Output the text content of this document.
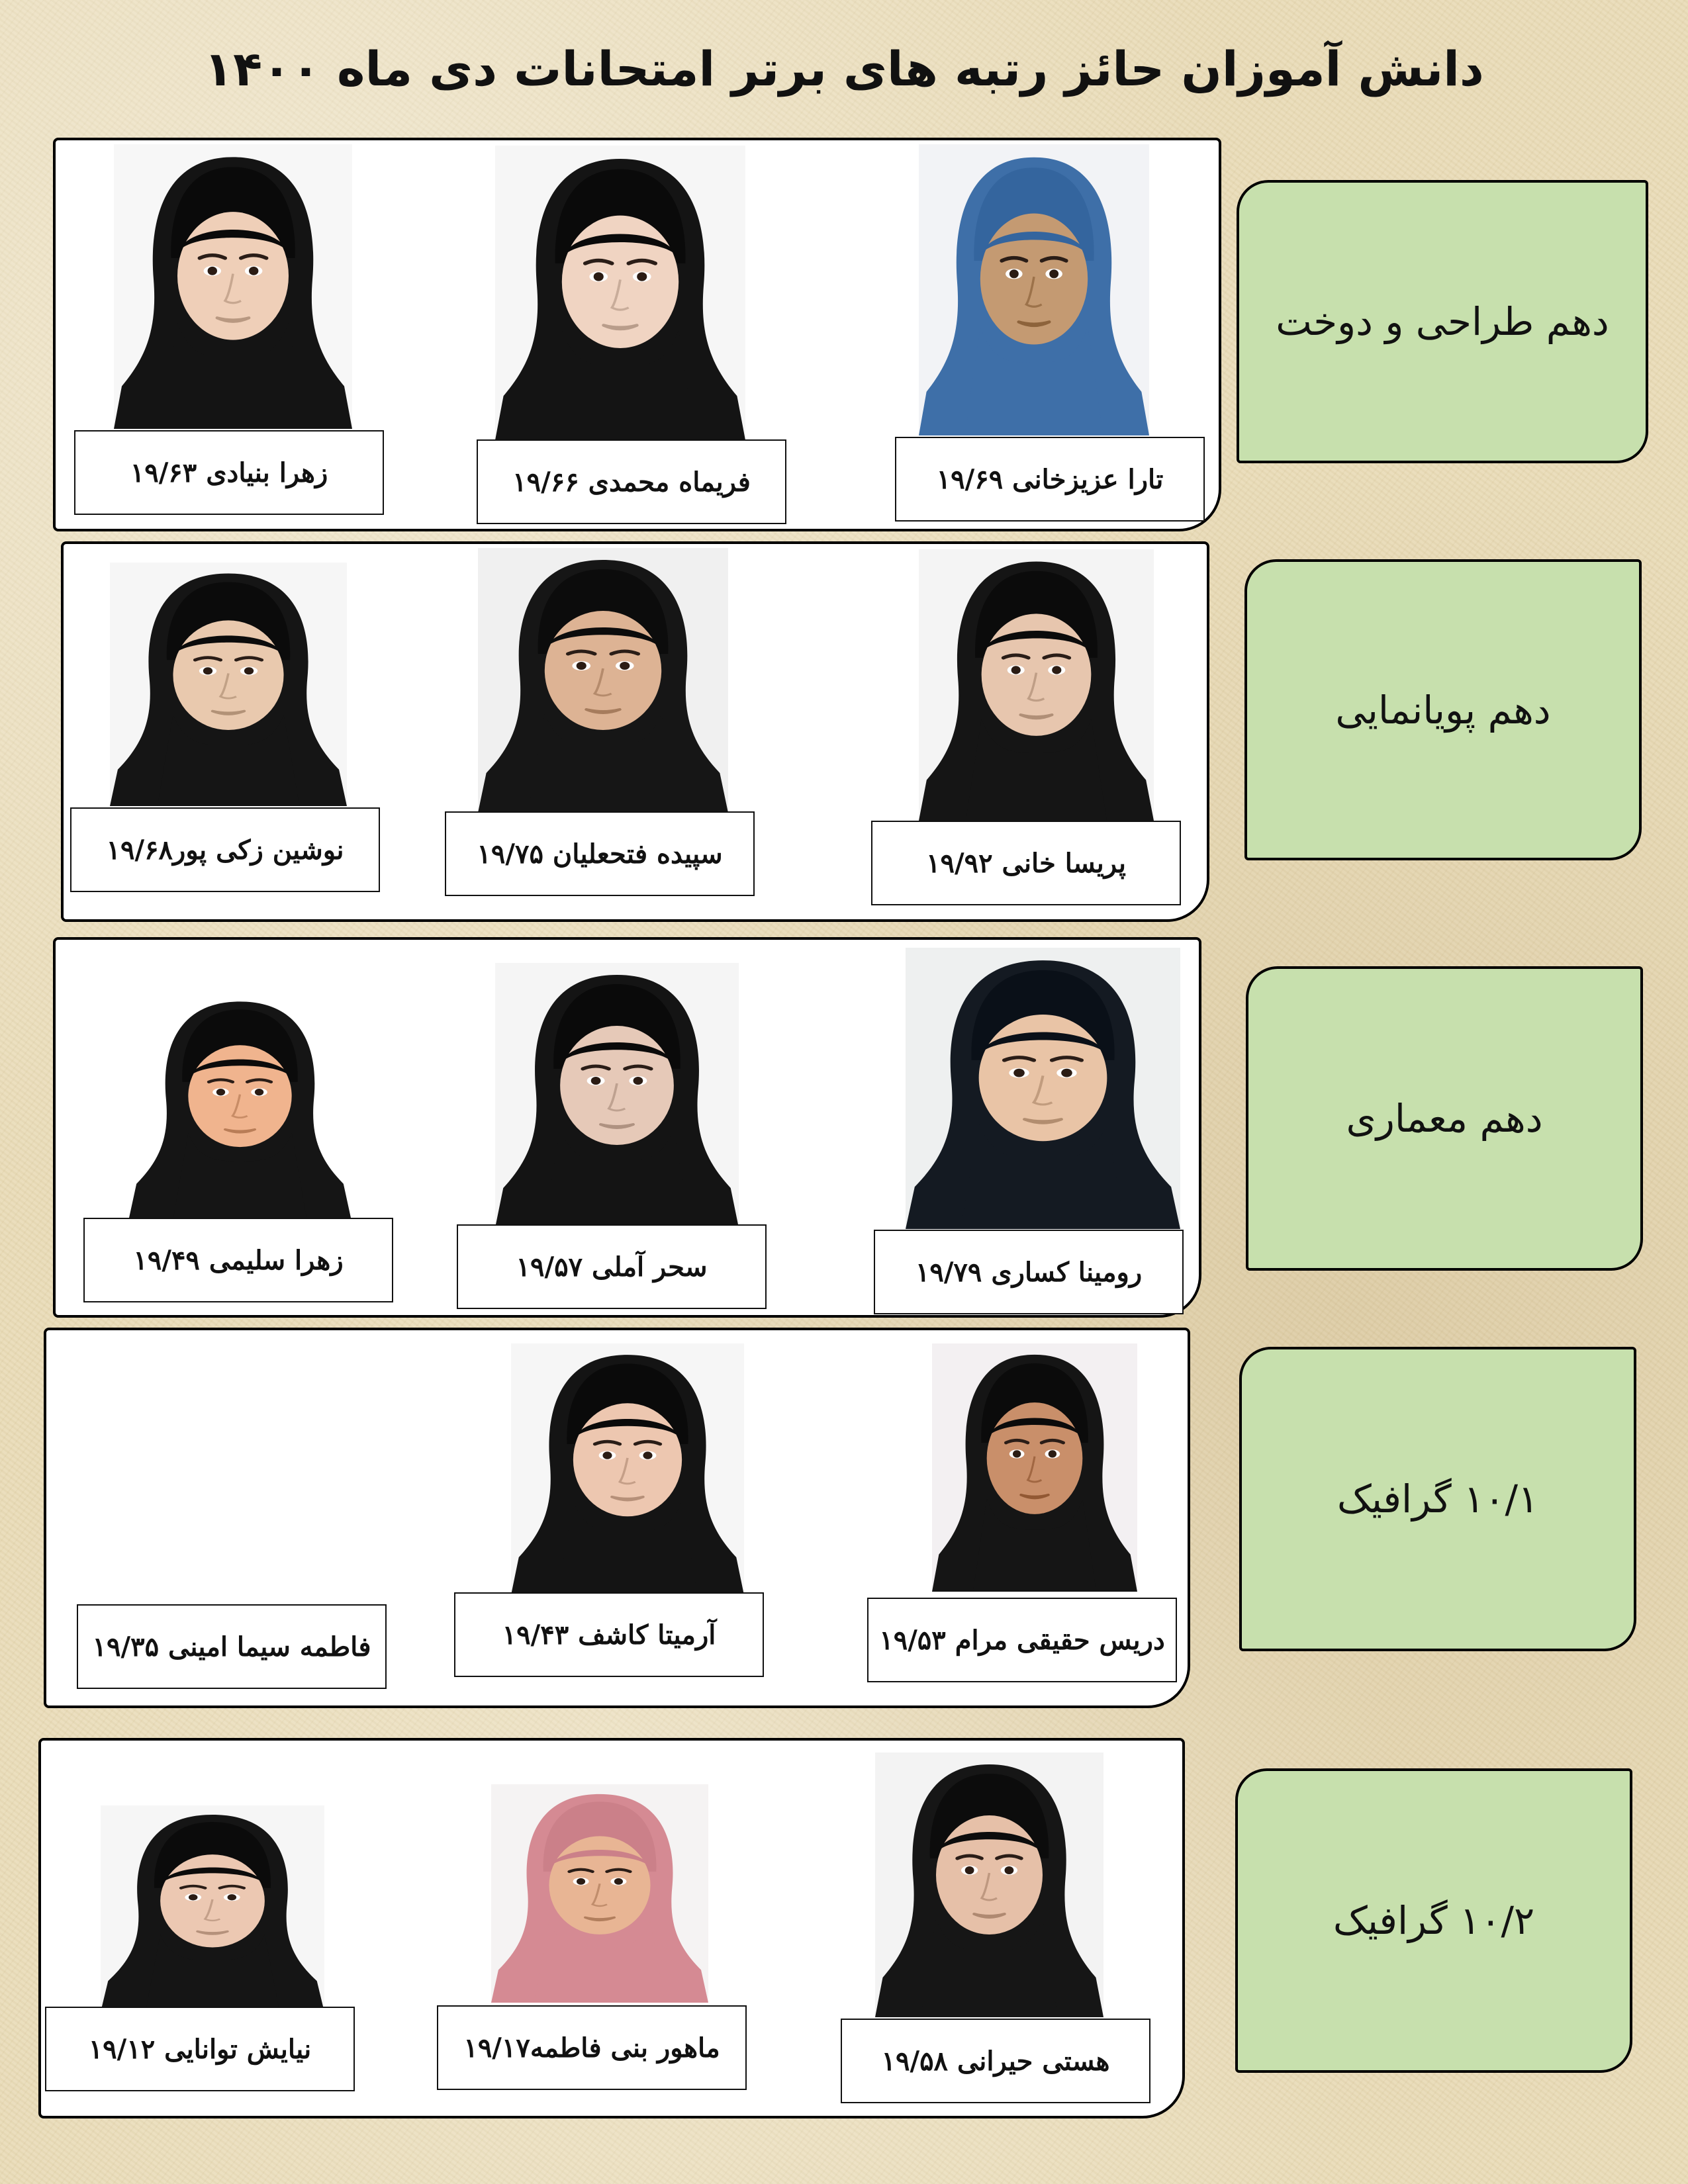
دانش آموزان حائز رتبه های برتر امتحانات دی ماه ۱۴۰۰
دهم طراحی و دوخت
تارا عزیزخانی ۱۹/۶۹
فریماه محمدی ۱۹/۶۶
زهرا بنیادی ۱۹/۶۳
دهم پویانمایی
پریسا خانی ۱۹/۹۲
سپیده فتحعلیان ۱۹/۷۵
نوشین زکی پور۱۹/۶۸
دهم معماری
رومینا کساری ۱۹/۷۹
سحر آملی ۱۹/۵۷
زهرا سلیمی ۱۹/۴۹
۱۰/۱ گرافیک
دریس حقیقی مرام ۱۹/۵۳
آرمیتا کاشف ۱۹/۴۳
فاطمه سیما امینی ۱۹/۳۵
۱۰/۲ گرافیک
هستی حیرانی ۱۹/۵۸
ماهور بنی فاطمه۱۹/۱۷
نیایش توانایی ۱۹/۱۲
